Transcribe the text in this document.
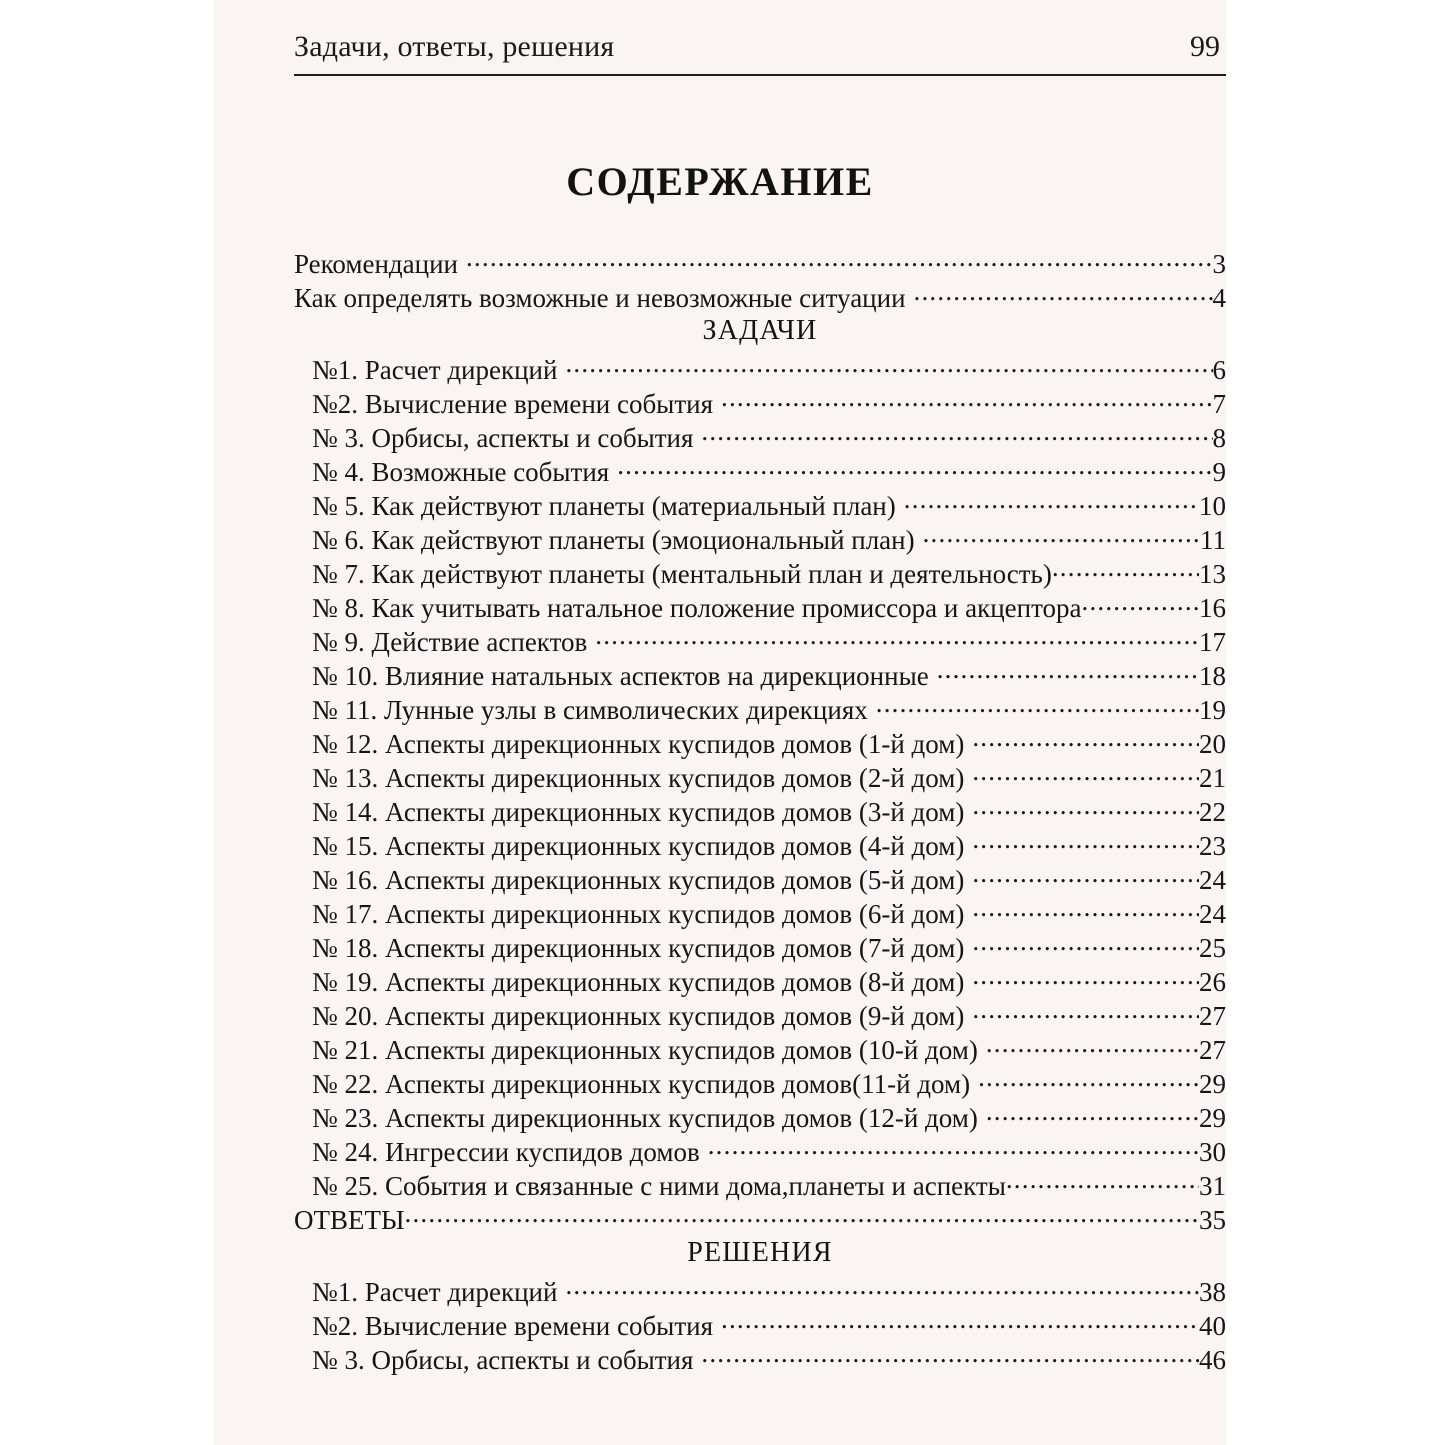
Задачи, ответы, решения	99
СОДЕРЖАНИЕ
Рекомендации .....	3
Как определять возможные и невозможные ситуации .....	4
ЗАДАЧИ
№1. Расчет дирекций .....	6
№2. Вычисление времени события .....	7
№ 3. Орбисы, аспекты и события .....	8
№ 4. Возможные события .....	9
№ 5. Как действуют планеты (материальный план) .....	10
№ 6. Как действуют планеты (эмоциональный план) .....	11
№ 7. Как действуют планеты (ментальный план и деятельность) .....	13
№ 8. Как учитывать натальное положение промиссора и акцептора .....	16
№ 9. Действие аспектов .....	17
№ 10. Влияние натальных аспектов на дирекционные .....	18
№ 11. Лунные узлы в символических дирекциях .....	19
№ 12. Аспекты дирекционных куспидов домов (1-й дом) .....	20
№ 13. Аспекты дирекционных куспидов домов (2-й дом) .....	21
№ 14. Аспекты дирекционных куспидов домов (3-й дом) .....	22
№ 15. Аспекты дирекционных куспидов домов (4-й дом) .....	23
№ 16. Аспекты дирекционных куспидов домов (5-й дом) .....	24
№ 17. Аспекты дирекционных куспидов домов (6-й дом) .....	24
№ 18. Аспекты дирекционных куспидов домов (7-й дом) .....	25
№ 19. Аспекты дирекционных куспидов домов (8-й дом) .....	26
№ 20. Аспекты дирекционных куспидов домов (9-й дом) .....	27
№ 21. Аспекты дирекционных куспидов домов (10-й дом) .....	27
№ 22. Аспекты дирекционных куспидов домов(11-й дом) .....	29
№ 23. Аспекты дирекционных куспидов домов (12-й дом) .....	29
№ 24. Ингрессии куспидов домов .....	30
№ 25. События и связанные с ними дома,планеты и аспекты .....	31
ОТВЕТЫ .....	35
РЕШЕНИЯ
№1. Расчет дирекций .....	38
№2. Вычисление времени события .....	40
№ 3. Орбисы, аспекты и события .....	46
